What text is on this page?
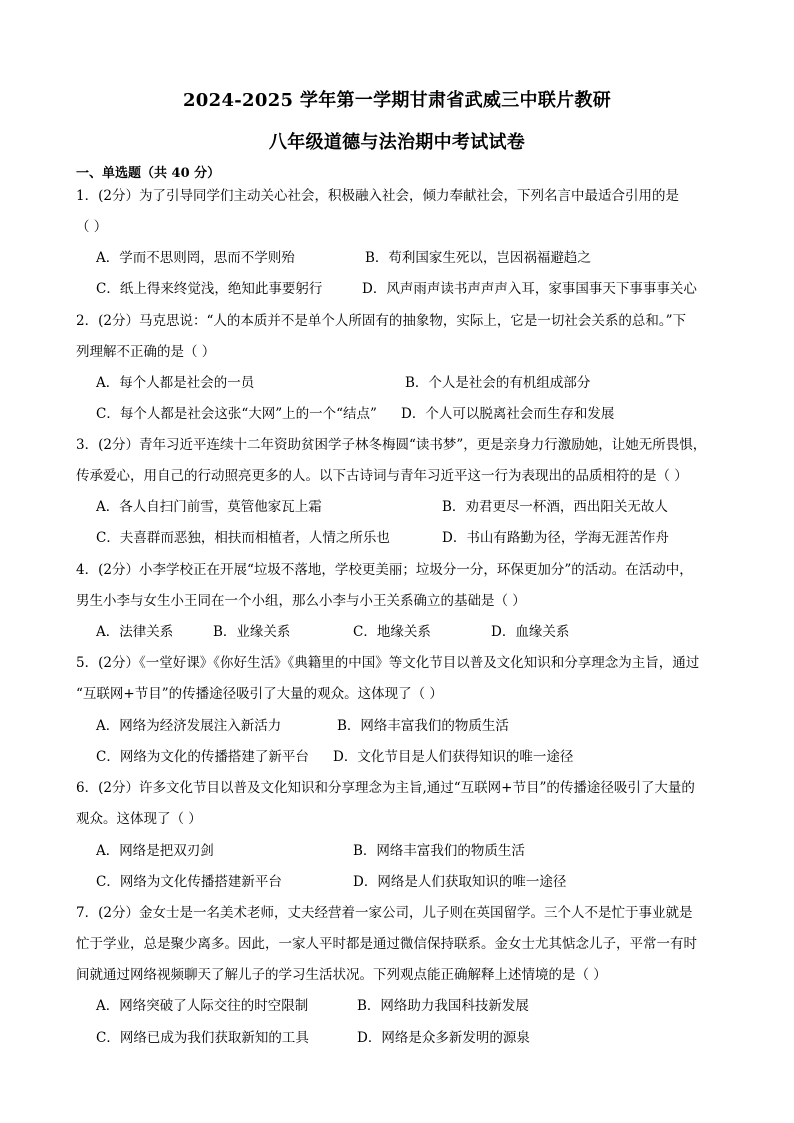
2024-2025 学年第一学期甘肃省武威三中联片教研
八年级道德与法治期中考试试卷
一、单选题（共 40 分）
1．(2分）为了引导同学们主动关心社会，积极融入社会，倾力奉献社会，下列名言中最适合引用的是
（ ）
A．学而不思则罔，思而不学则殆	B．苟利国家生死以，岂因祸福避趋之
C．纸上得来终觉浅，绝知此事要躬行	D．风声雨声读书声声声入耳，家事国事天下事事事关心
2．(2分）马克思说：“人的本质并不是单个人所固有的抽象物，实际上，它是一切社会关系的总和。”下
列理解不正确的是（ ）
A．每个人都是社会的一员	B．个人是社会的有机组成部分
C．每个人都是社会这张“大网”上的一个“结点” D．个人可以脱离社会而生存和发展
3．(2分）青年习近平连续十二年资助贫困学子林冬梅圆“读书梦”，更是亲身力行激励她，让她无所畏惧，
传承爱心，用自己的行动照亮更多的人。以下古诗词与青年习近平这一行为表现出的品质相符的是（ ）
A．各人自扫门前雪，莫管他家瓦上霜	B．劝君更尽一杯酒，西出阳关无故人
C．夫喜群而恶独，相扶而相植者，人情之所乐也	D．书山有路勤为径，学海无涯苦作舟
4．(2分）小李学校正在开展“垃圾不落地，学校更美丽；垃圾分一分，环保更加分”的活动。在活动中，
男生小李与女生小王同在一个小组，那么小李与小王关系确立的基础是（ ）
A．法律关系	B．业缘关系	C．地缘关系	D．血缘关系
5．(2分）《一堂好课》《你好生活》《典籍里的中国》等文化节目以普及文化知识和分享理念为主旨，通过
“互联网+节目”的传播途径吸引了大量的观众。这体现了（ ）
A．网络为经济发展注入新活力	B．网络丰富我们的物质生活
C．网络为文化的传播搭建了新平台 D．文化节目是人们获得知识的唯一途径
6．(2分）许多文化节目以普及文化知识和分享理念为主旨,通过“互联网+节目”的传播途径吸引了大量的
观众。这体现了（ ）
A．网络是把双刃剑	B．网络丰富我们的物质生活
C．网络为文化传播搭建新平台	D．网络是人们获取知识的唯一途径
7．(2分）金女士是一名美术老师，丈夫经营着一家公司，儿子则在英国留学。三个人不是忙于事业就是
忙于学业，总是聚少离多。因此，一家人平时都是通过微信保持联系。金女士尤其惦念儿子，平常一有时
间就通过网络视频聊天了解儿子的学习生活状况。下列观点能正确解释上述情境的是（ ）
A．网络突破了人际交往的时空限制	B．网络助力我国科技新发展
C．网络已成为我们获取新知的工具	D．网络是众多新发明的源泉
